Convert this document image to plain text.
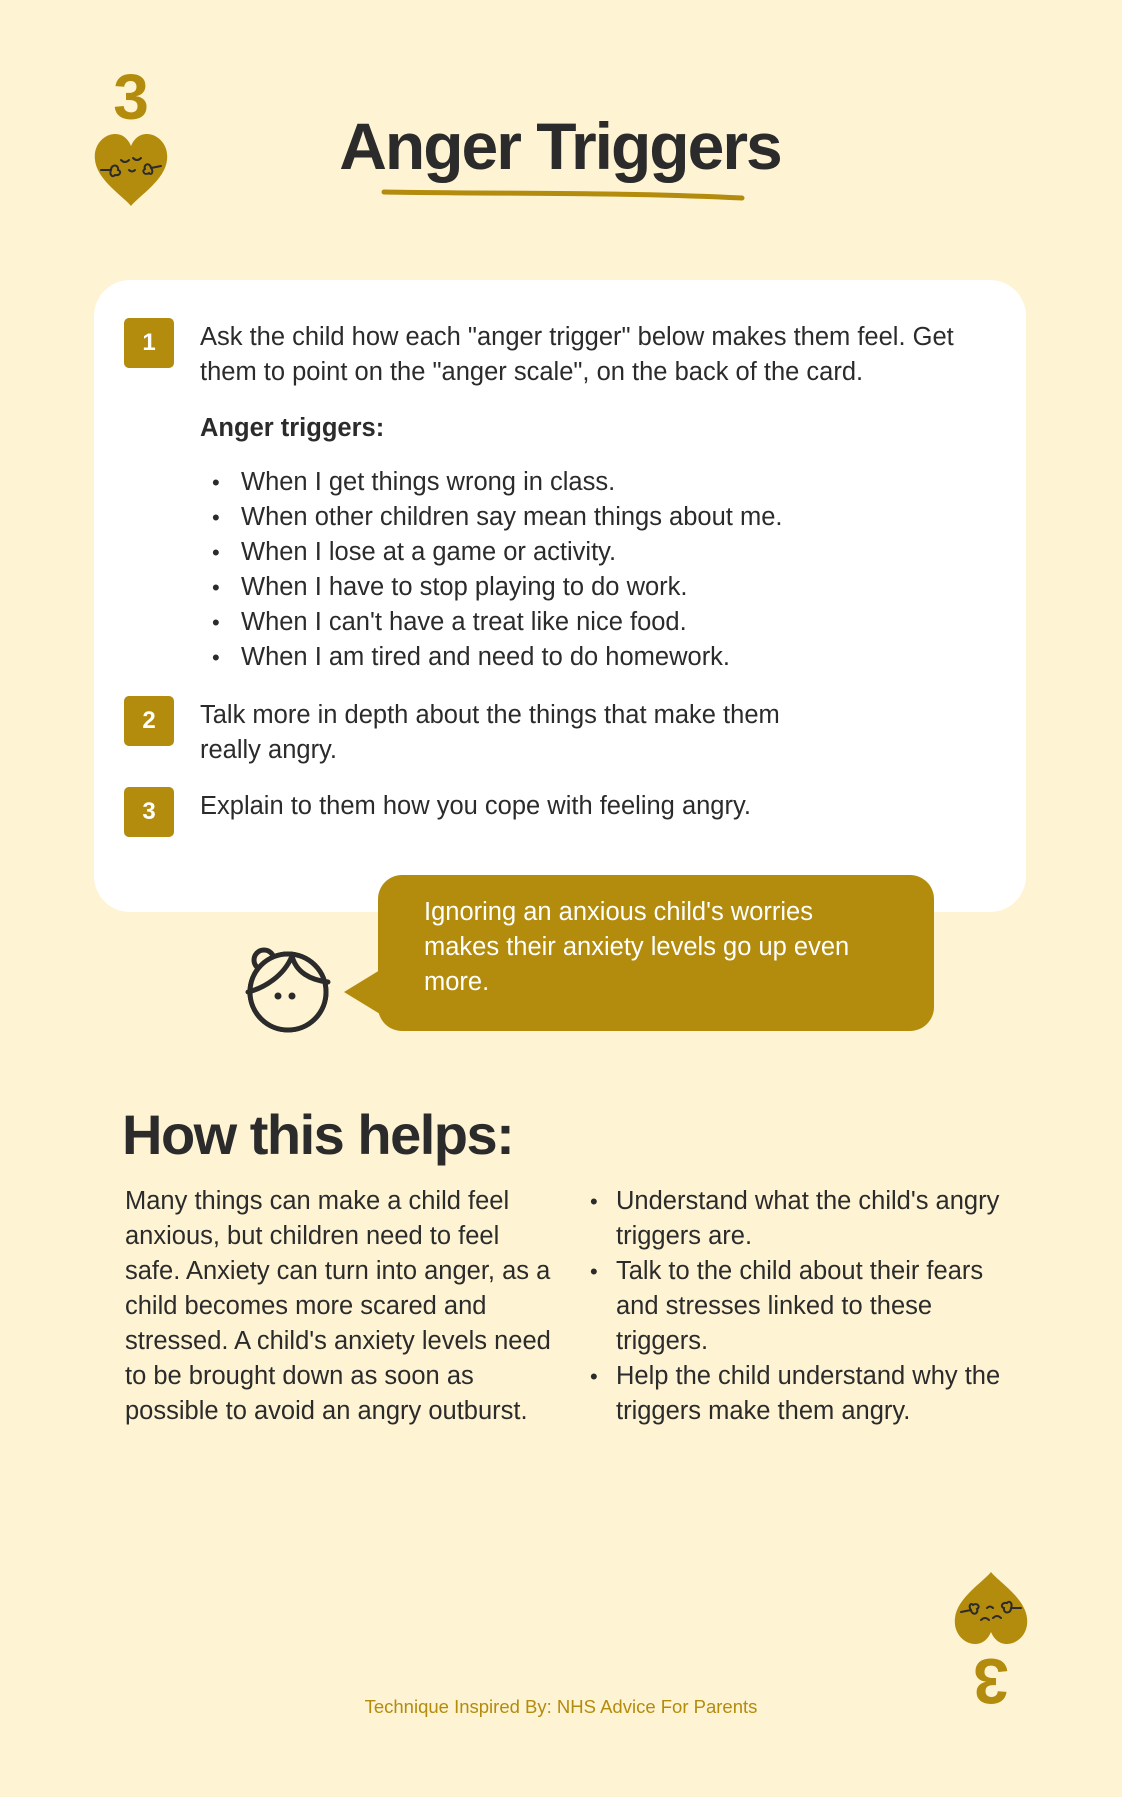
3
Anger Triggers
1	Ask the child how each "anger trigger" below makes them feel. Get them to point on the "anger scale", on the back of the card.
Anger triggers:
• When I get things wrong in class.
• When other children say mean things about me.
• When I lose at a game or activity.
• When I have to stop playing to do work.
• When I can't have a treat like nice food.
• When I am tired and need to do homework.
2	Talk more in depth about the things that make them really angry.
3	Explain to them how you cope with feeling angry.
Ignoring an anxious child's worries makes their anxiety levels go up even more.
How this helps:
Many things can make a child feel anxious, but children need to feel safe. Anxiety can turn into anger, as a child becomes more scared and stressed. A child's anxiety levels need to be brought down as soon as possible to avoid an angry outburst.
• Understand what the child's angry triggers are.
• Talk to the child about their fears and stresses linked to these triggers.
• Help the child understand why the triggers make them angry.
3
Technique Inspired By: NHS Advice For Parents
